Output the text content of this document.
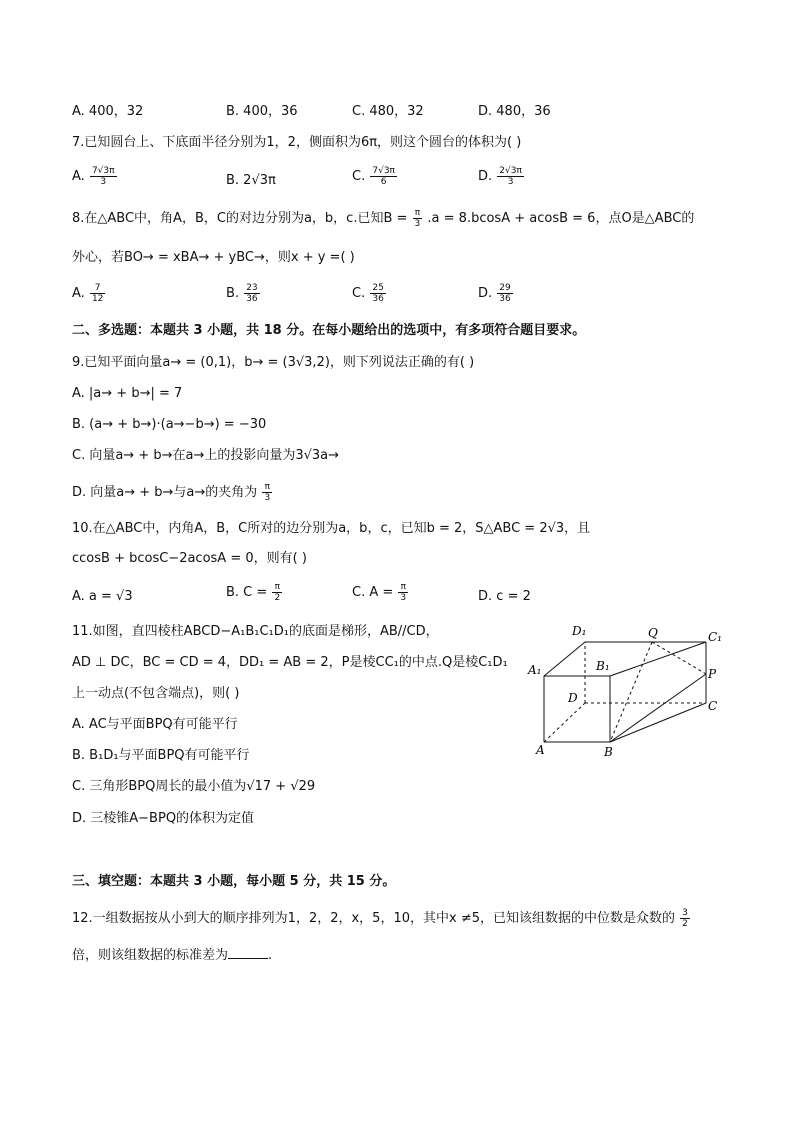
A. 400，32	B. 400，36	C. 480，32	D. 480，36
7.已知圆台上、下底面半径分别为1，2，侧面积为6π，则这个圆台的体积为( )
A. $\frac{7√3\pi}{3}$	B. 2√3π	C. $\frac{7√3\pi}{6}$	D. $\frac{2√3\pi}{3}$
8.在△ABC中，角A，B，C的对边分别为a，b，c.已知$B = \frac{\pi}{3} .a = 8.bcosA + acosB = 6$，点O是△ABC的
外心，若BO→ = xBA→ + yBC→，则x + y =( )
A. $\frac{7}{12}$	B. $\frac{23}{36}$	C. $\frac{25}{36}$	D. $\frac{29}{36}$
二、多选题：本题共 3 小题，共 18 分。在每小题给出的选项中，有多项符合题目要求。
9.已知平面向量a→ = (0,1)，b→ = (3√3,2)，则下列说法正确的有( )
A. |a→ + b→| = 7
B. (a→ + b→)·(a→−b→) = −30
C. 向量a→ + b→在a→上的投影向量为3√3a→
D. 向量a→ + b→与a→的夹角为 $\frac{\pi}{3}$
10.在△ABC中，内角A，B，C所对的边分别为a，b，c，已知b = 2，S△ABC = 2√3，且
ccosB + bcosC−2acosA = 0，则有( )
A. a = √3	B. $C = \frac{\pi}{2}$	C. $A = \frac{\pi}{3}$	D. c = 2
11.如图，直四棱柱ABCD−A₁B₁C₁D₁的底面是梯形，AB//CD，
AD ⊥ DC，BC = CD = 4，DD₁ = AB = 2，P是棱CC₁的中点.Q是棱C₁D₁
上一动点(不包含端点)，则( )
A. AC与平面BPQ有可能平行
B. B₁D₁与平面BPQ有可能平行
C. 三角形BPQ周长的最小值为√17 + √29
D. 三棱锥A−BPQ的体积为定值
D₁	Q	C₁
A₁	B₁
P
D
C
A	B
三、填空题：本题共 3 小题，每小题 5 分，共 15 分。
12.一组数据按从小到大的顺序排列为1，2，2，x，5，10，其中x ≠5，已知该组数据的中位数是众数的 $\frac{3}{2}$
倍，则该组数据的标准差为	.
